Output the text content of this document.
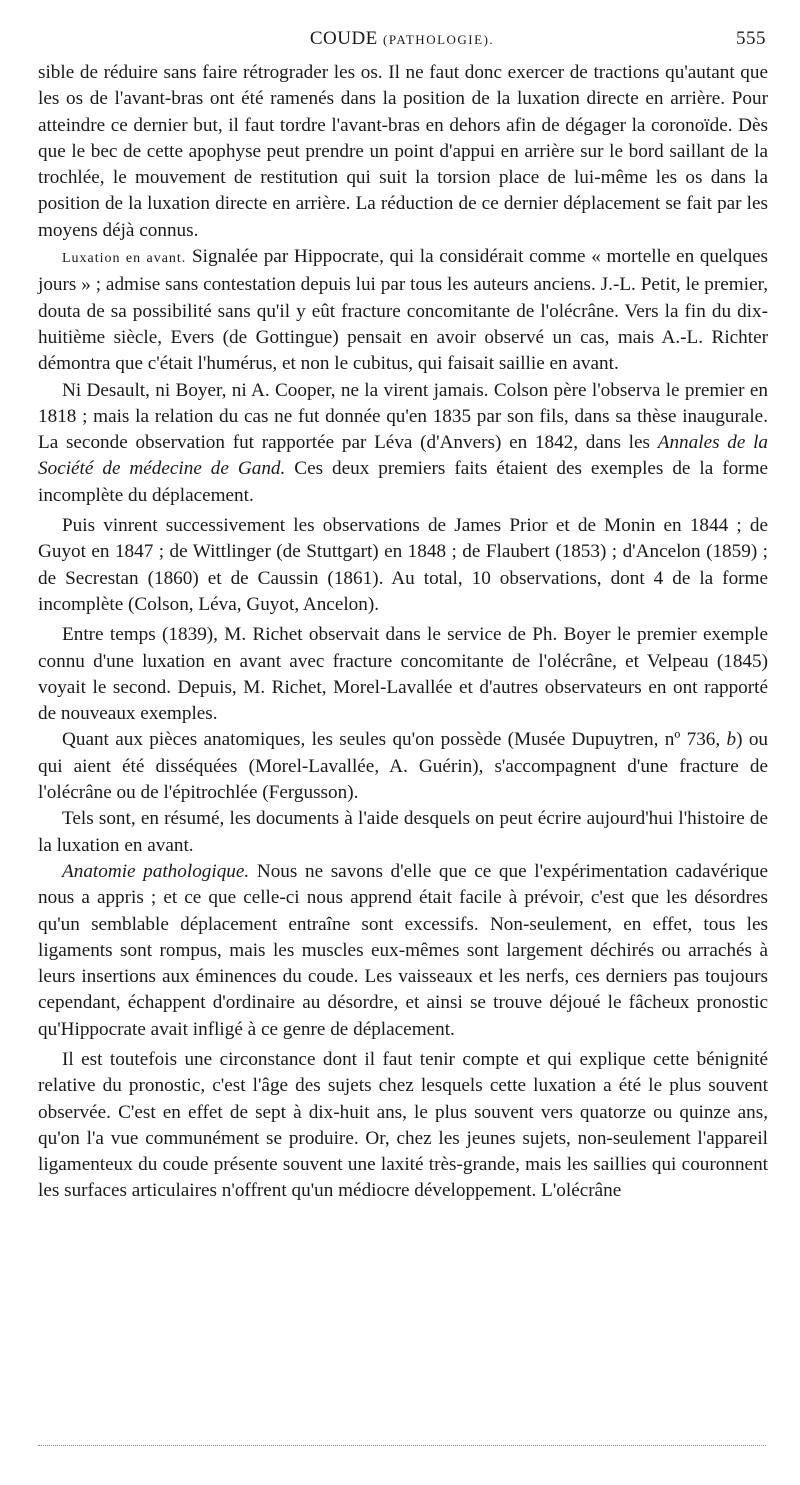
COUDE (PATHOLOGIE).	555

sible de réduire sans faire rétrograder les os. Il ne faut donc exercer de tractions qu'autant que les os de l'avant-bras ont été ramenés dans la position de la luxation directe en arrière. Pour atteindre ce dernier but, il faut tordre l'avant-bras en dehors afin de dégager la coronoïde. Dès que le bec de cette apophyse peut prendre un point d'appui en arrière sur le bord saillant de la trochlée, le mouvement de restitution qui suit la torsion place de lui-même les os dans la position de la luxation directe en arrière. La réduction de ce dernier déplacement se fait par les moyens déjà connus.

Luxation en avant. Signalée par Hippocrate, qui la considérait comme « mortelle en quelques jours » ; admise sans contestation depuis lui par tous les auteurs anciens. J.-L. Petit, le premier, douta de sa possibilité sans qu'il y eût fracture concomitante de l'olécrâne. Vers la fin du dix-huitième siècle, Evers (de Gottingue) pensait en avoir observé un cas, mais A.-L. Richter démontra que c'était l'humérus, et non le cubitus, qui faisait saillie en avant.

Ni Desault, ni Boyer, ni A. Cooper, ne la virent jamais. Colson père l'observa le premier en 1818 ; mais la relation du cas ne fut donnée qu'en 1835 par son fils, dans sa thèse inaugurale. La seconde observation fut rapportée par Léva (d'Anvers) en 1842, dans les Annales de la Société de médecine de Gand. Ces deux premiers faits étaient des exemples de la forme incomplète du déplacement.

Puis vinrent successivement les observations de James Prior et de Monin en 1844 ; de Guyot en 1847 ; de Wittlinger (de Stuttgart) en 1848 ; de Flaubert (1853) ; d'Ancelon (1859) ; de Secrestan (1860) et de Caussin (1861). Au total, 10 observations, dont 4 de la forme incomplète (Colson, Léva, Guyot, Ancelon).

Entre temps (1839), M. Richet observait dans le service de Ph. Boyer le premier exemple connu d'une luxation en avant avec fracture concomitante de l'olécrâne, et Velpeau (1845) voyait le second. Depuis, M. Richet, Morel-Lavallée et d'autres observateurs en ont rapporté de nouveaux exemples.

Quant aux pièces anatomiques, les seules qu'on possède (Musée Dupuytren, nº 736, b) ou qui aient été disséquées (Morel-Lavallée, A. Guérin), s'accompagnent d'une fracture de l'olécrâne ou de l'épitrochlée (Fergusson).

Tels sont, en résumé, les documents à l'aide desquels on peut écrire aujourd'hui l'histoire de la luxation en avant.

Anatomie pathologique. Nous ne savons d'elle que ce que l'expérimentation cadavérique nous a appris ; et ce que celle-ci nous apprend était facile à prévoir, c'est que les désordres qu'un semblable déplacement entraîne sont excessifs. Non-seulement, en effet, tous les ligaments sont rompus, mais les muscles eux-mêmes sont largement déchirés ou arrachés à leurs insertions aux éminences du coude. Les vaisseaux et les nerfs, ces derniers pas toujours cependant, échappent d'ordinaire au désordre, et ainsi se trouve déjoué le fâcheux pronostic qu'Hippocrate avait infligé à ce genre de déplacement.

Il est toutefois une circonstance dont il faut tenir compte et qui explique cette bénignité relative du pronostic, c'est l'âge des sujets chez lesquels cette luxation a été le plus souvent observée. C'est en effet de sept à dix-huit ans, le plus souvent vers quatorze ou quinze ans, qu'on l'a vue communément se produire. Or, chez les jeunes sujets, non-seulement l'appareil ligamenteux du coude présente souvent une laxité très-grande, mais les saillies qui couronnent les surfaces articulaires n'offrent qu'un médiocre développement. L'olécrâne
